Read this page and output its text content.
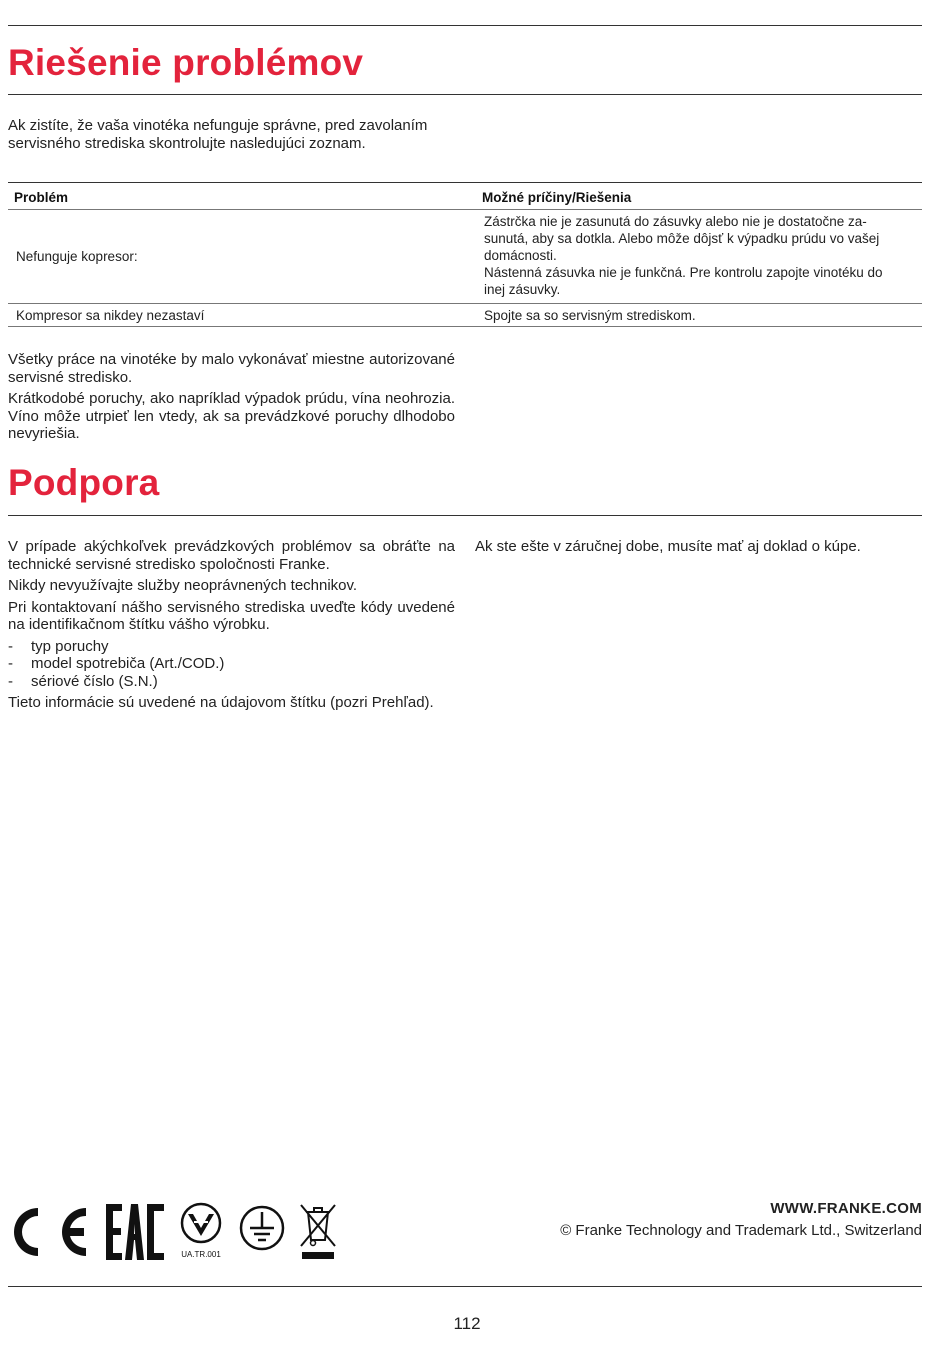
Riešenie problémov

Ak zistíte, že vaša vinotéka nefunguje správne, pred zavolaním servisného strediska skontrolujte nasledujúci zoznam.

Problém	Možné príčiny/Riešenia
Nefunguje kopresor:	Zástrčka nie je zasunutá do zásuvky alebo nie je dostatočne za-
sunutá, aby sa dotkla. Alebo môže dôjsť k výpadku prúdu vo vašej
domácnosti.
Nástenná zásuvka nie je funkčná. Pre kontrolu zapojte vinotéku do
inej zásuvky.

Kompresor sa nikdey nezastaví	Spojte sa so servisným strediskom.

Všetky práce na vinotéke by malo vykonávať miestne autorizované servisné stredisko.

Krátkodobé poruchy, ako napríklad výpadok prúdu, vína neohrozia. Víno môže utrpieť len vtedy, ak sa prevádzkové poruchy dlhodobo nevyriešia.

Podpora

V prípade akýchkoľvek prevádzkových problémov sa obráťte na technické servisné stredisko spoločnosti Franke.

Nikdy nevyužívajte služby neoprávnených technikov.

Pri kontaktovaní nášho servisného strediska uveďte kódy uvedené na identifikačnom štítku vášho výrobku.

- typ poruchy
- model spotrebiča (Art./COD.)
- sériové číslo (S.N.)

Tieto informácie sú uvedené na údajovom štítku (pozri Prehľad).

Ak ste ešte v záručnej dobe, musíte mať aj doklad o kúpe.

UA.TR.001

WWW.FRANKE.COM

© Franke Technology and Trademark Ltd., Switzerland

112
